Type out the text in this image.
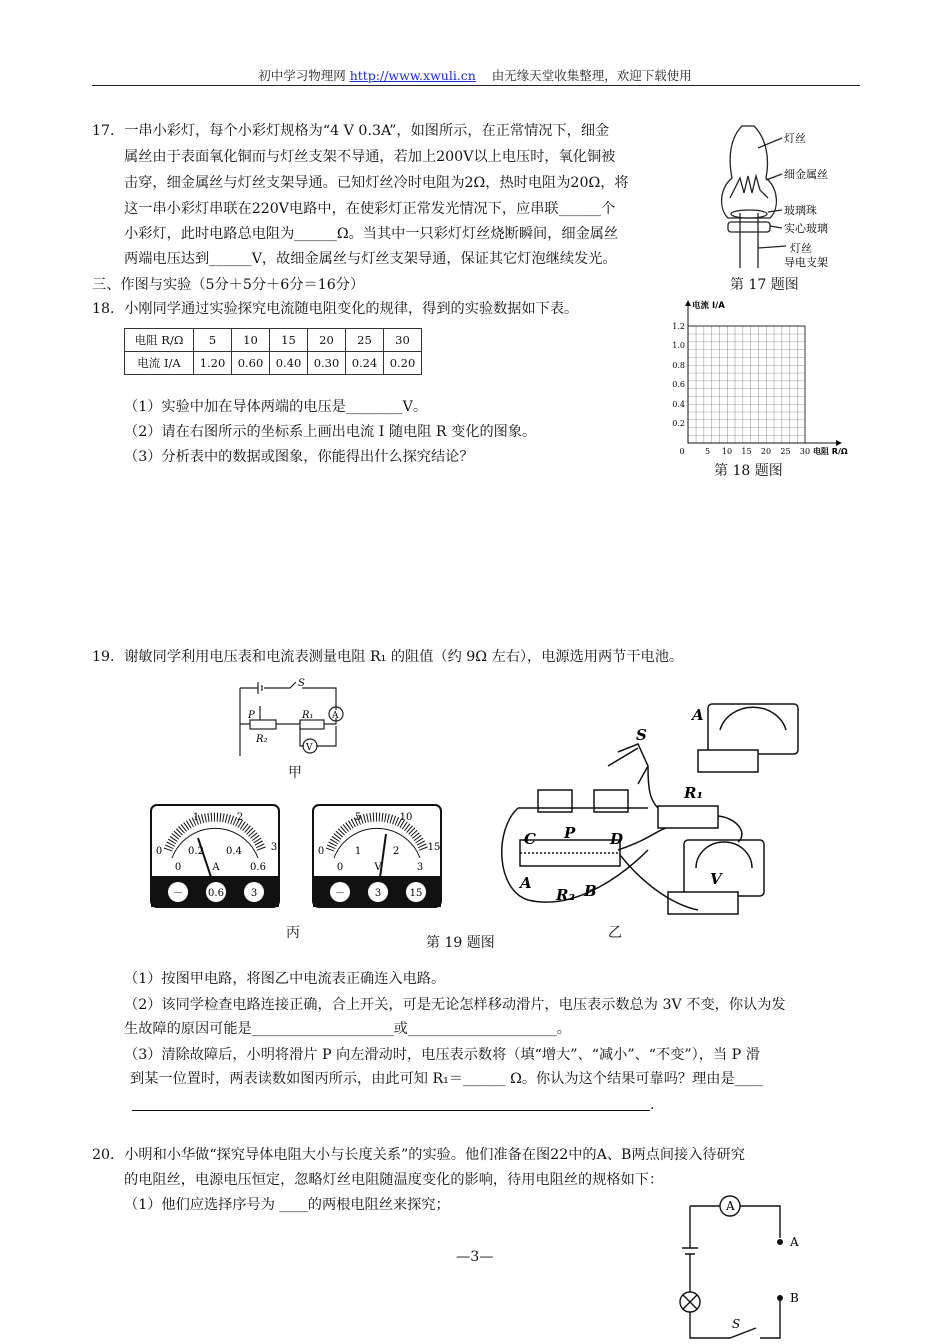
初中学习物理网 http://www.xwuli.cn 由无缘天堂收集整理，欢迎下载使用
17．一串小彩灯，每个小彩灯规格为“4 V 0.3A”，如图所示，在正常情况下，细金
属丝由于表面氧化铜而与灯丝支架不导通，若加上200V以上电压时，氧化铜被
击穿，细金属丝与灯丝支架导通。已知灯丝冷时电阻为2Ω，热时电阻为20Ω，将
这一串小彩灯串联在220V电路中，在使彩灯正常发光情况下，应串联______个
小彩灯，此时电路总电阻为______Ω。当其中一只彩灯灯丝烧断瞬间，细金属丝
两端电压达到______V，故细金属丝与灯丝支架导通，保证其它灯泡继续发光。
灯丝
细金属丝
玻璃珠
实心玻璃
灯丝
导电支架
第 17 题图
三、作图与实验（5分＋5分＋6分＝16分）
18．小刚同学通过实验探究电流随电阻变化的规律，得到的实验数据如下表。
电阻 R/Ω	5	10	15	20	25	30
电流 I/A	1.20	0.60	0.40	0.30	0.24	0.20
（1）实验中加在导体两端的电压是________V。
（2）请在右图所示的坐标系上画出电流 I 随电阻 R 变化的图象。
（3）分析表中的数据或图象，你能得出什么探究结论？
电流 I/A
电阻 R/Ω
1.2
1.0
0.8
0.6
0.4
0.2
0	5 10 15 20 25 30
第 18 题图
19．谢敏同学利用电压表和电流表测量电阻 R₁ 的阻值（约 9Ω 左右），电源选用两节干电池。
S
P	R₁
R₂
A
V
甲
0
1	2
3
0
0.2 0.4
0.6
A
－	0.6	3
0
5	10
15
0
1	2
3
V
－	3	15
丙
第 19 题图
A
S
R₁
C P D
A
R₂ B
V
乙
（1）按图甲电路，将图乙中电流表正确连入电路。
（2）该同学检查电路连接正确，合上开关，可是无论怎样移动滑片，电压表示数总为 3V 不变，你认为发
生故障的原因可能是____________________或_____________________。
（3）清除故障后，小明将滑片 P 向左滑动时，电压表示数将（填“增大”、“减小”、“不变”），当 P 滑
到某一位置时，两表读数如图丙所示，由此可知 R₁＝______ Ω。你认为这个结果可靠吗？理由是____
.
20．小明和小华做“探究导体电阻大小与长度关系”的实验。他们准备在图22中的A、B两点间接入待研究
的电阻丝，电源电压恒定，忽略灯丝电阻随温度变化的影响，待用电阻丝的规格如下：
（1）他们应选择序号为 ____的两根电阻丝来探究；	A
A
B
S
—3—
